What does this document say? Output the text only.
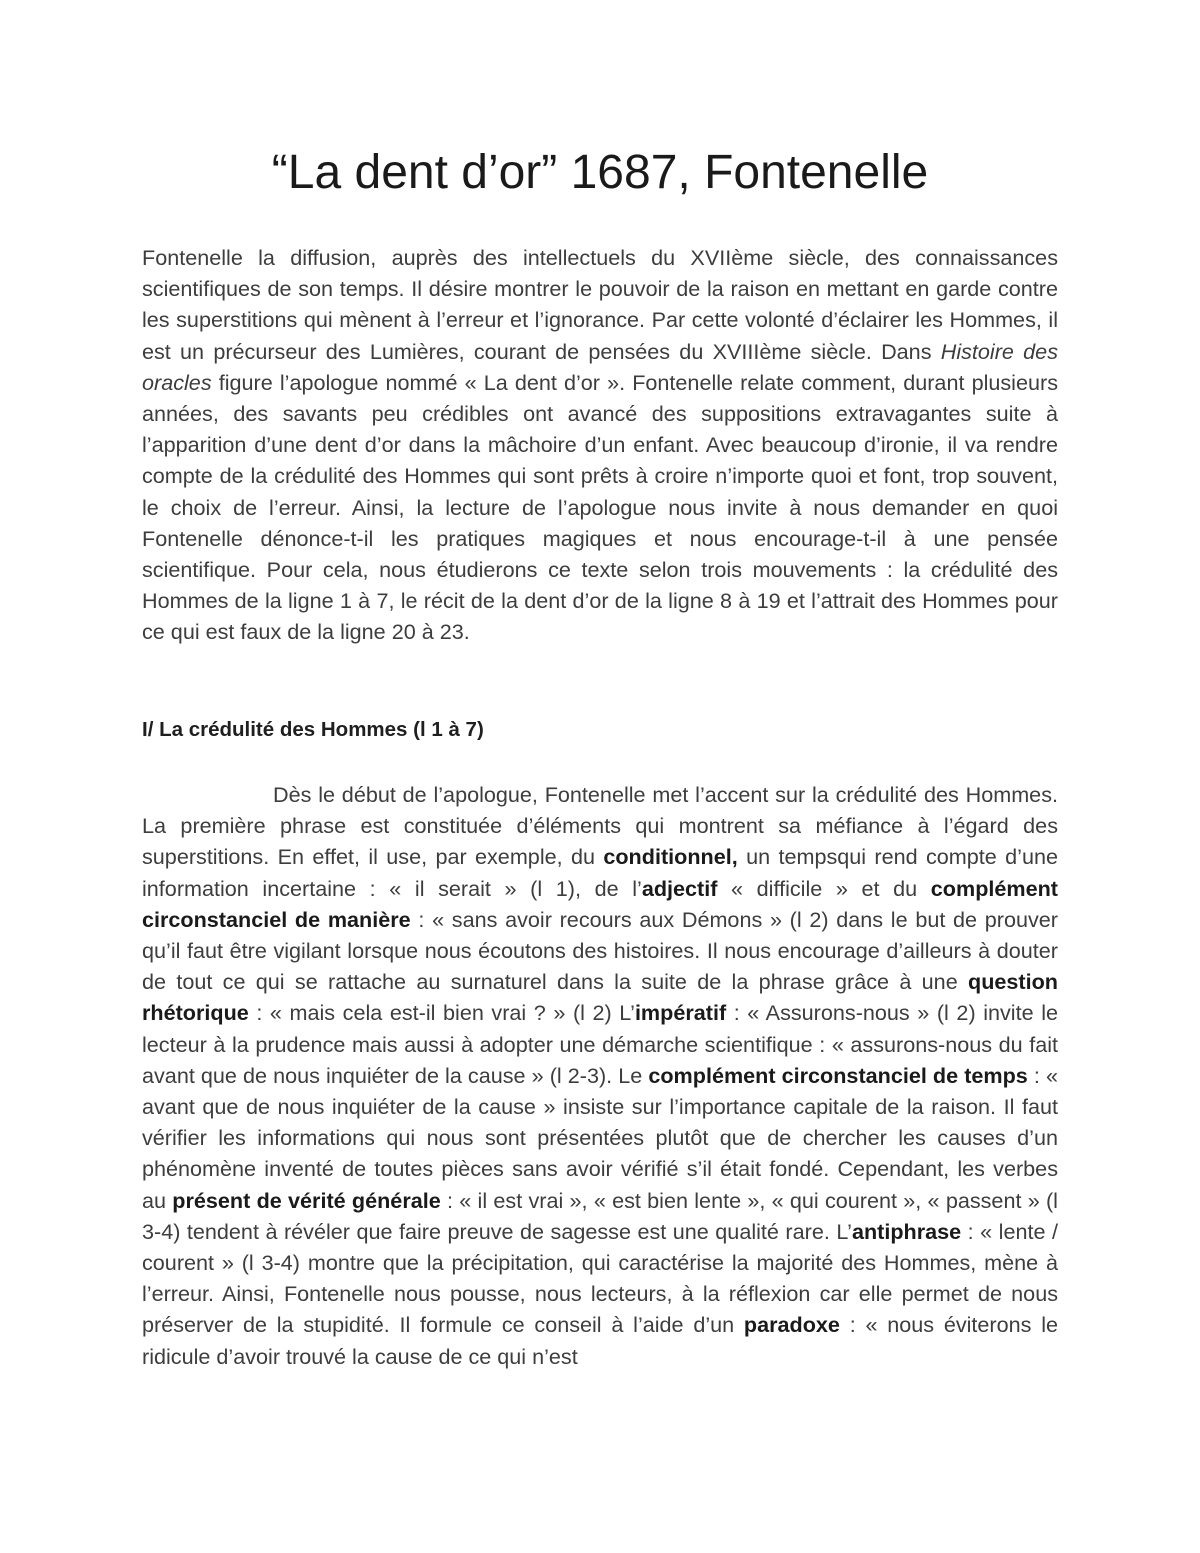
“La dent d’or” 1687, Fontenelle

Fontenelle la diffusion, auprès des intellectuels du XVIIème siècle, des connaissances scientifiques de son temps. Il désire montrer le pouvoir de la raison en mettant en garde contre les superstitions qui mènent à l’erreur et l’ignorance. Par cette volonté d’éclairer les Hommes, il est un précurseur des Lumières, courant de pensées du XVIIIème siècle. Dans Histoire des oracles figure l’apologue nommé « La dent d’or ». Fontenelle relate comment, durant plusieurs années, des savants peu crédibles ont avancé des suppositions extravagantes suite à l’apparition d’une dent d’or dans la mâchoire d’un enfant. Avec beaucoup d’ironie, il va rendre compte de la crédulité des Hommes qui sont prêts à croire n’importe quoi et font, trop souvent, le choix de l’erreur. Ainsi, la lecture de l’apologue nous invite à nous demander en quoi Fontenelle dénonce-t-il les pratiques magiques et nous encourage-t-il à une pensée scientifique. Pour cela, nous étudierons ce texte selon trois mouvements : la crédulité des Hommes de la ligne 1 à 7, le récit de la dent d’or de la ligne 8 à 19 et l’attrait des Hommes pour ce qui est faux de la ligne 20 à 23.

I/ La crédulité des Hommes (l 1 à 7)

Dès le début de l’apologue, Fontenelle met l’accent sur la crédulité des Hommes. La première phrase est constituée d’éléments qui montrent sa méfiance à l’égard des superstitions. En effet, il use, par exemple, du conditionnel, un tempsqui rend compte d’une information incertaine : « il serait » (l 1), de l’adjectif « difficile » et du complément circonstanciel de manière : « sans avoir recours aux Démons » (l 2) dans le but de prouver qu’il faut être vigilant lorsque nous écoutons des histoires. Il nous encourage d’ailleurs à douter de tout ce qui se rattache au surnaturel dans la suite de la phrase grâce à une question rhétorique : « mais cela est-il bien vrai ? » (l 2) L’impératif : « Assurons-nous » (l 2) invite le lecteur à la prudence mais aussi à adopter une démarche scientifique : « assurons-nous du fait avant que de nous inquiéter de la cause » (l 2-3). Le complément circonstanciel de temps : « avant que de nous inquiéter de la cause » insiste sur l’importance capitale de la raison. Il faut vérifier les informations qui nous sont présentées plutôt que de chercher les causes d’un phénomène inventé de toutes pièces sans avoir vérifié s’il était fondé. Cependant, les verbes au présent de vérité générale : « il est vrai », « est bien lente », « qui courent », « passent » (l 3-4) tendent à révéler que faire preuve de sagesse est une qualité rare. L’antiphrase : « lente / courent » (l 3-4) montre que la précipitation, qui caractérise la majorité des Hommes, mène à l’erreur. Ainsi, Fontenelle nous pousse, nous lecteurs, à la réflexion car elle permet de nous préserver de la stupidité. Il formule ce conseil à l’aide d’un paradoxe : « nous éviterons le ridicule d’avoir trouvé la cause de ce qui n’est
